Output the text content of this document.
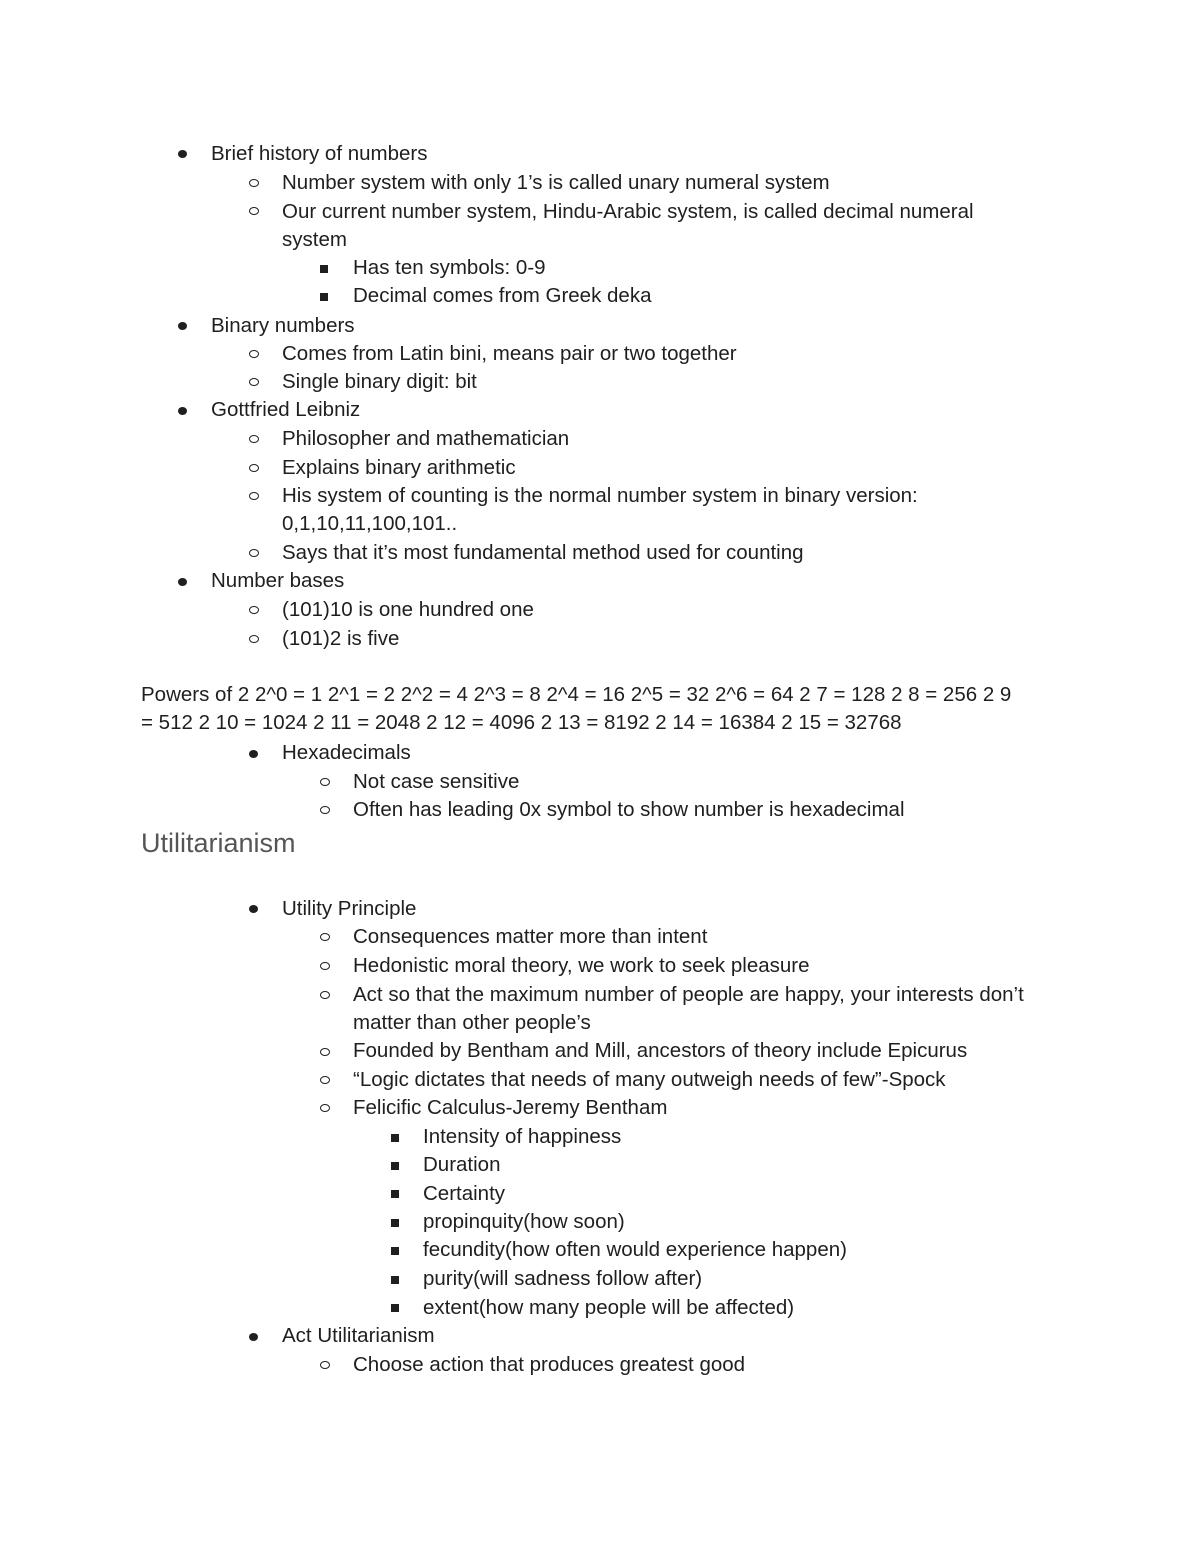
Brief history of numbers
Number system with only 1’s is called unary numeral system
Our current number system, Hindu-Arabic system, is called decimal numeral
system
Has ten symbols: 0-9
Decimal comes from Greek deka
Binary numbers
Comes from Latin bini, means pair or two together
Single binary digit: bit
Gottfried Leibniz
Philosopher and mathematician
Explains binary arithmetic
His system of counting is the normal number system in binary version:
0,1,10,11,100,101..
Says that it’s most fundamental method used for counting
Number bases
(101)10 is one hundred one
(101)2 is five
Powers of 2 2^0 = 1 2^1 = 2 2^2 = 4 2^3 = 8 2^4 = 16 2^5 = 32 2^6 = 64 2 7 = 128 2 8 = 256 2 9
= 512 2 10 = 1024 2 11 = 2048 2 12 = 4096 2 13 = 8192 2 14 = 16384 2 15 = 32768
Hexadecimals
Not case sensitive
Often has leading 0x symbol to show number is hexadecimal
Utilitarianism
Utility Principle
Consequences matter more than intent
Hedonistic moral theory, we work to seek pleasure
Act so that the maximum number of people are happy, your interests don’t
matter than other people’s
Founded by Bentham and Mill, ancestors of theory include Epicurus
“Logic dictates that needs of many outweigh needs of few”-Spock
Felicific Calculus-Jeremy Bentham
Intensity of happiness
Duration
Certainty
propinquity(how soon)
fecundity(how often would experience happen)
purity(will sadness follow after)
extent(how many people will be affected)
Act Utilitarianism
Choose action that produces greatest good
